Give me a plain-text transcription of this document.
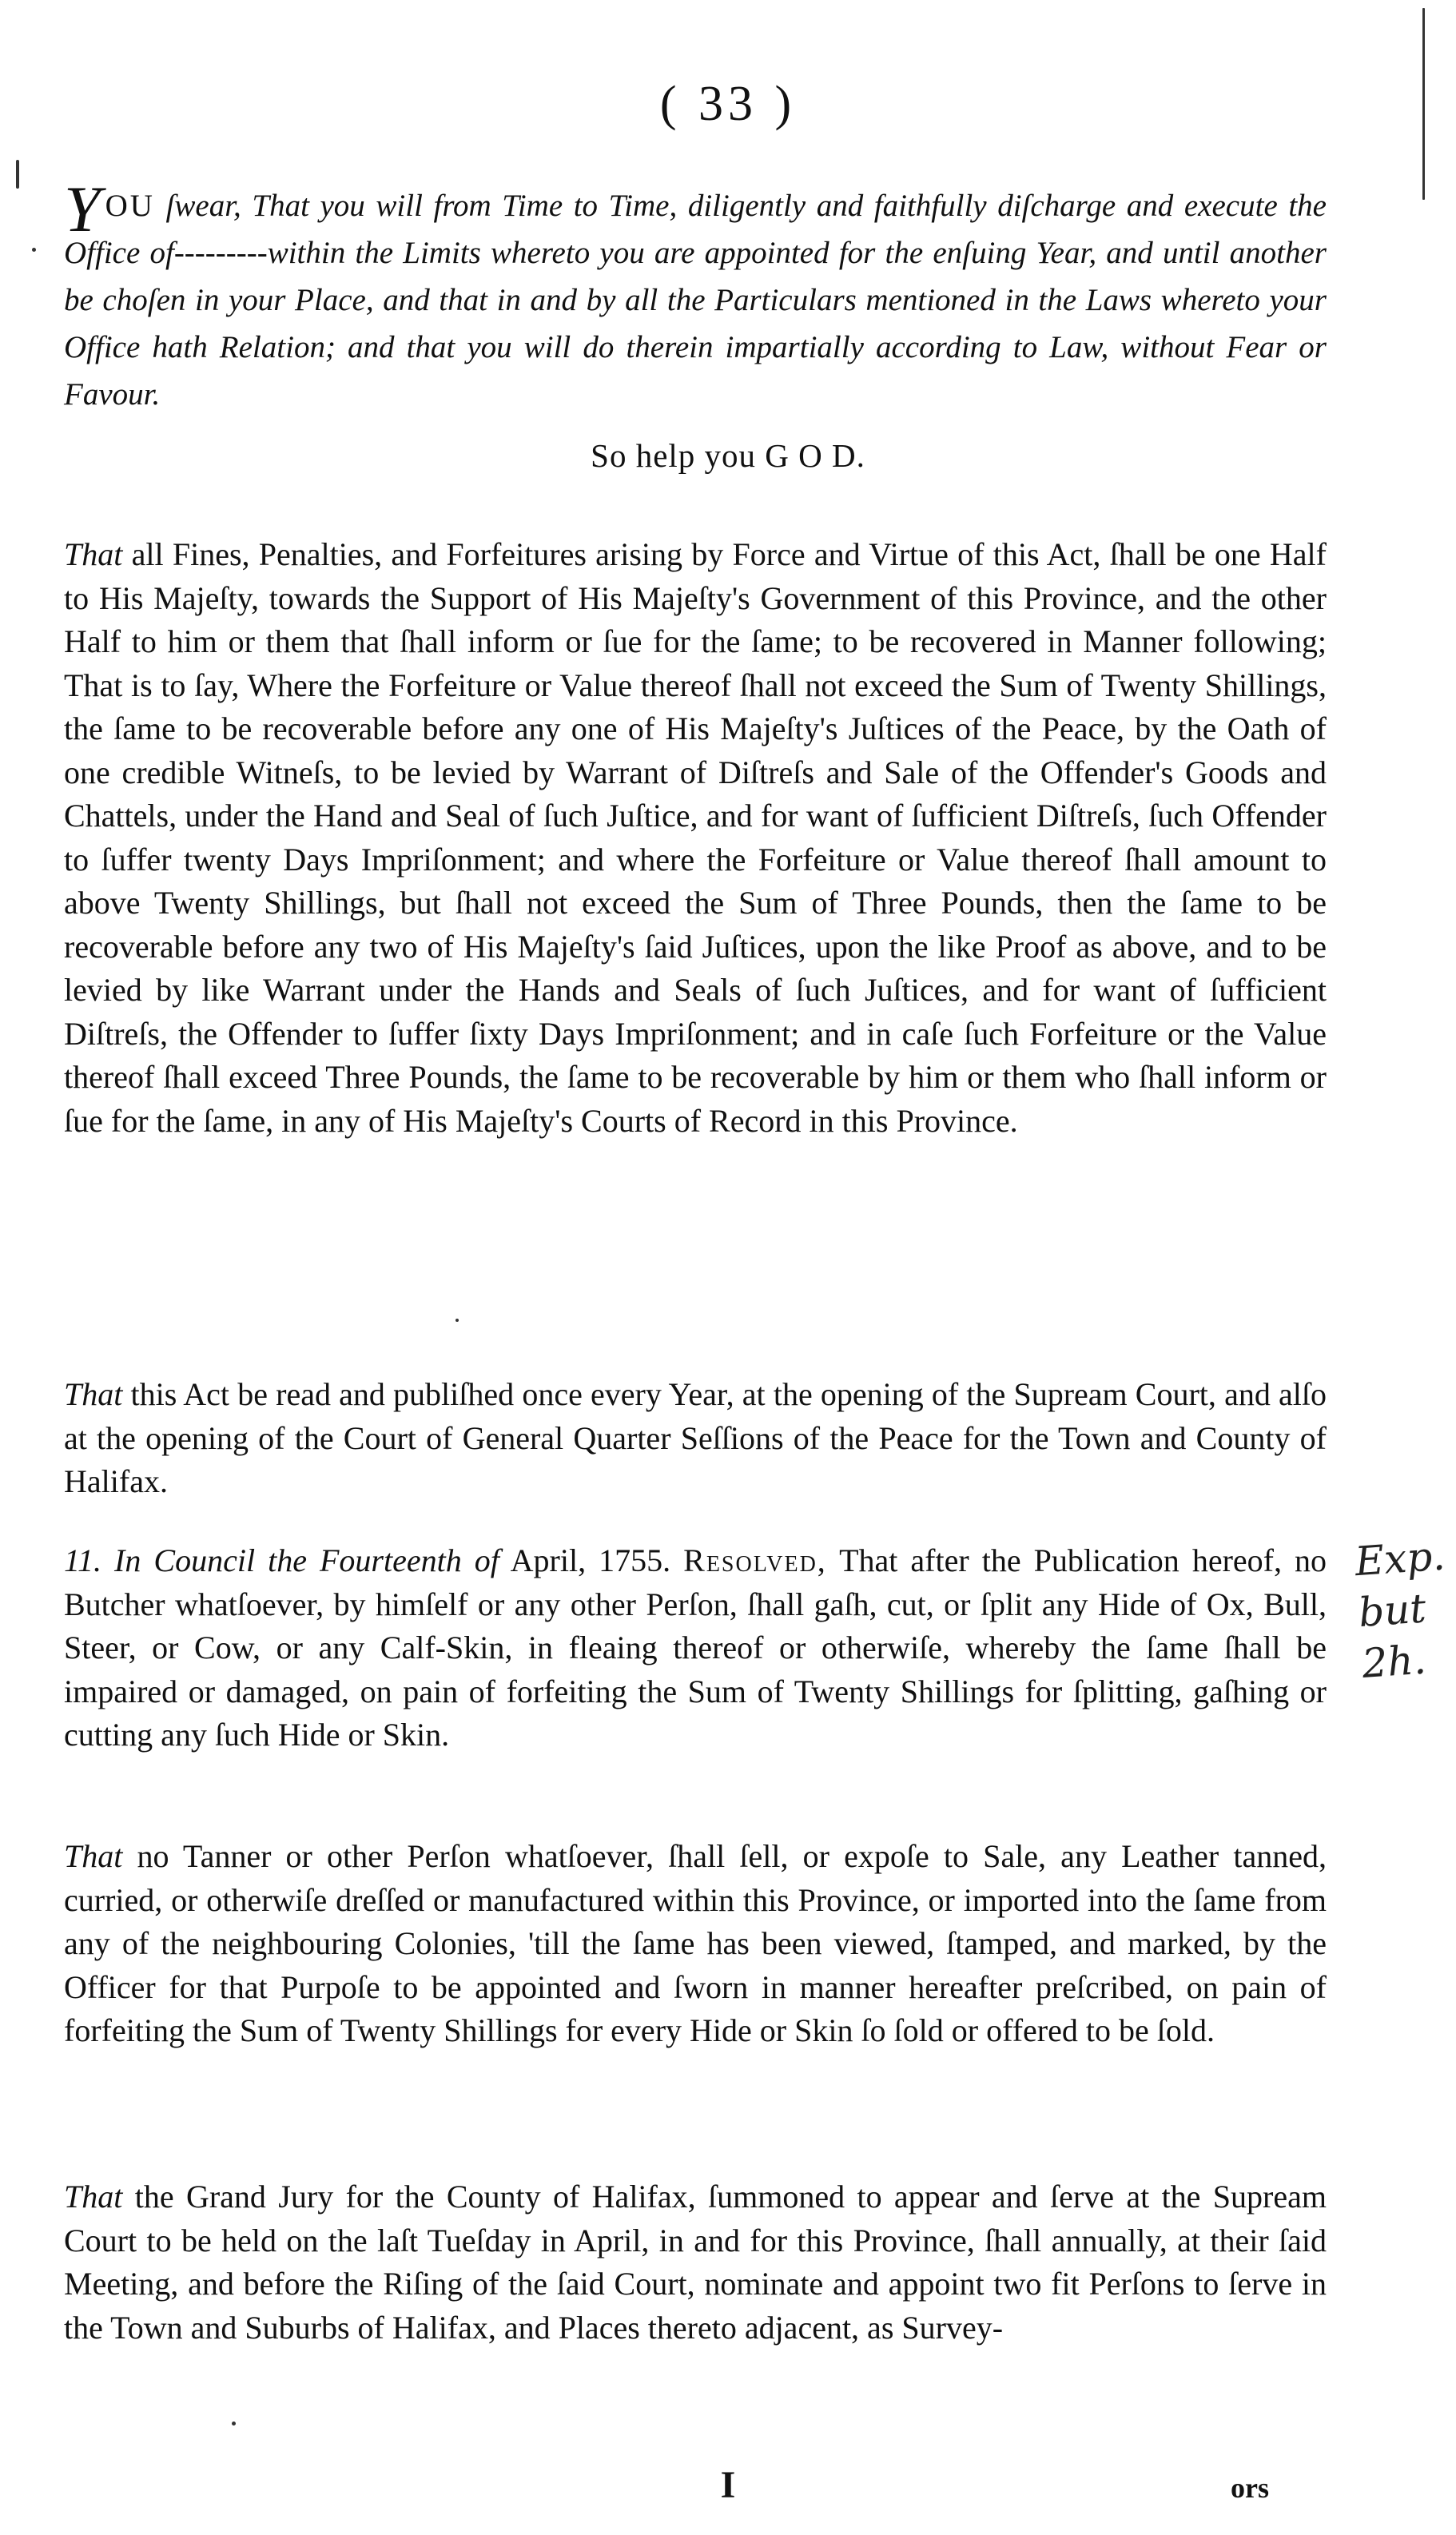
( 33 )
YOU ſwear, That you will from Time to Time, diligently and faithfully diſcharge and execute the Office of---------within the Limits whereto you are appointed for the enſuing Year, and until another be choſen in your Place, and that in and by all the Particulars mentioned in the Laws whereto your Office hath Relation; and that you will do therein impartially according to Law, without Fear or Favour.
So help you G O D.
That all Fines, Penalties, and Forfeitures arising by Force and Virtue of this Act, ſhall be one Half to His Majeſty, towards the Support of His Majeſty's Government of this Province, and the other Half to him or them that ſhall inform or ſue for the ſame; to be recovered in Manner following; That is to ſay, Where the Forfeiture or Value thereof ſhall not exceed the Sum of Twenty Shillings, the ſame to be recoverable before any one of His Majeſty's Juſtices of the Peace, by the Oath of one credible Witneſs, to be levied by Warrant of Diſtreſs and Sale of the Offender's Goods and Chattels, under the Hand and Seal of ſuch Juſtice, and for want of ſufficient Diſtreſs, ſuch Offender to ſuffer twenty Days Impriſonment; and where the Forfeiture or Value thereof ſhall amount to above Twenty Shillings, but ſhall not exceed the Sum of Three Pounds, then the ſame to be recoverable before any two of His Majeſty's ſaid Juſtices, upon the like Proof as above, and to be levied by like Warrant under the Hands and Seals of ſuch Juſtices, and for want of ſufficient Diſtreſs, the Offender to ſuffer ſixty Days Impriſonment; and in caſe ſuch Forfeiture or the Value thereof ſhall exceed Three Pounds, the ſame to be recoverable by him or them who ſhall inform or ſue for the ſame, in any of His Majeſty's Courts of Record in this Province.
That this Act be read and publiſhed once every Year, at the opening of the Supream Court, and alſo at the opening of the Court of General Quarter Seſſions of the Peace for the Town and County of Halifax.
11. In Council the Fourteenth of April, 1755. Resolved, That after the Publication hereof, no Butcher whatſoever, by himſelf or any other Perſon, ſhall gaſh, cut, or ſplit any Hide of Ox, Bull, Steer, or Cow, or any Calf-Skin, in fleaing thereof or otherwiſe, whereby the ſame ſhall be impaired or damaged, on pain of forfeiting the Sum of Twenty Shillings for ſplitting, gaſhing or cutting any ſuch Hide or Skin.
That no Tanner or other Perſon whatſoever, ſhall ſell, or expoſe to Sale, any Leather tanned, curried, or otherwiſe dreſſed or manufactured within this Province, or imported into the ſame from any of the neighbouring Colonies, 'till the ſame has been viewed, ſtamped, and marked, by the Officer for that Purpoſe to be appointed and ſworn in manner hereafter preſcribed, on pain of forfeiting the Sum of Twenty Shillings for every Hide or Skin ſo ſold or offered to be ſold.
That the Grand Jury for the County of Halifax, ſummoned to appear and ſerve at the Supream Court to be held on the laſt Tueſday in April, in and for this Province, ſhall annually, at their ſaid Meeting, and before the Riſing of the ſaid Court, nominate and appoint two fit Perſons to ſerve in the Town and Suburbs of Halifax, and Places thereto adjacent, as Survey-
Exp. but 2h.
I	ors
